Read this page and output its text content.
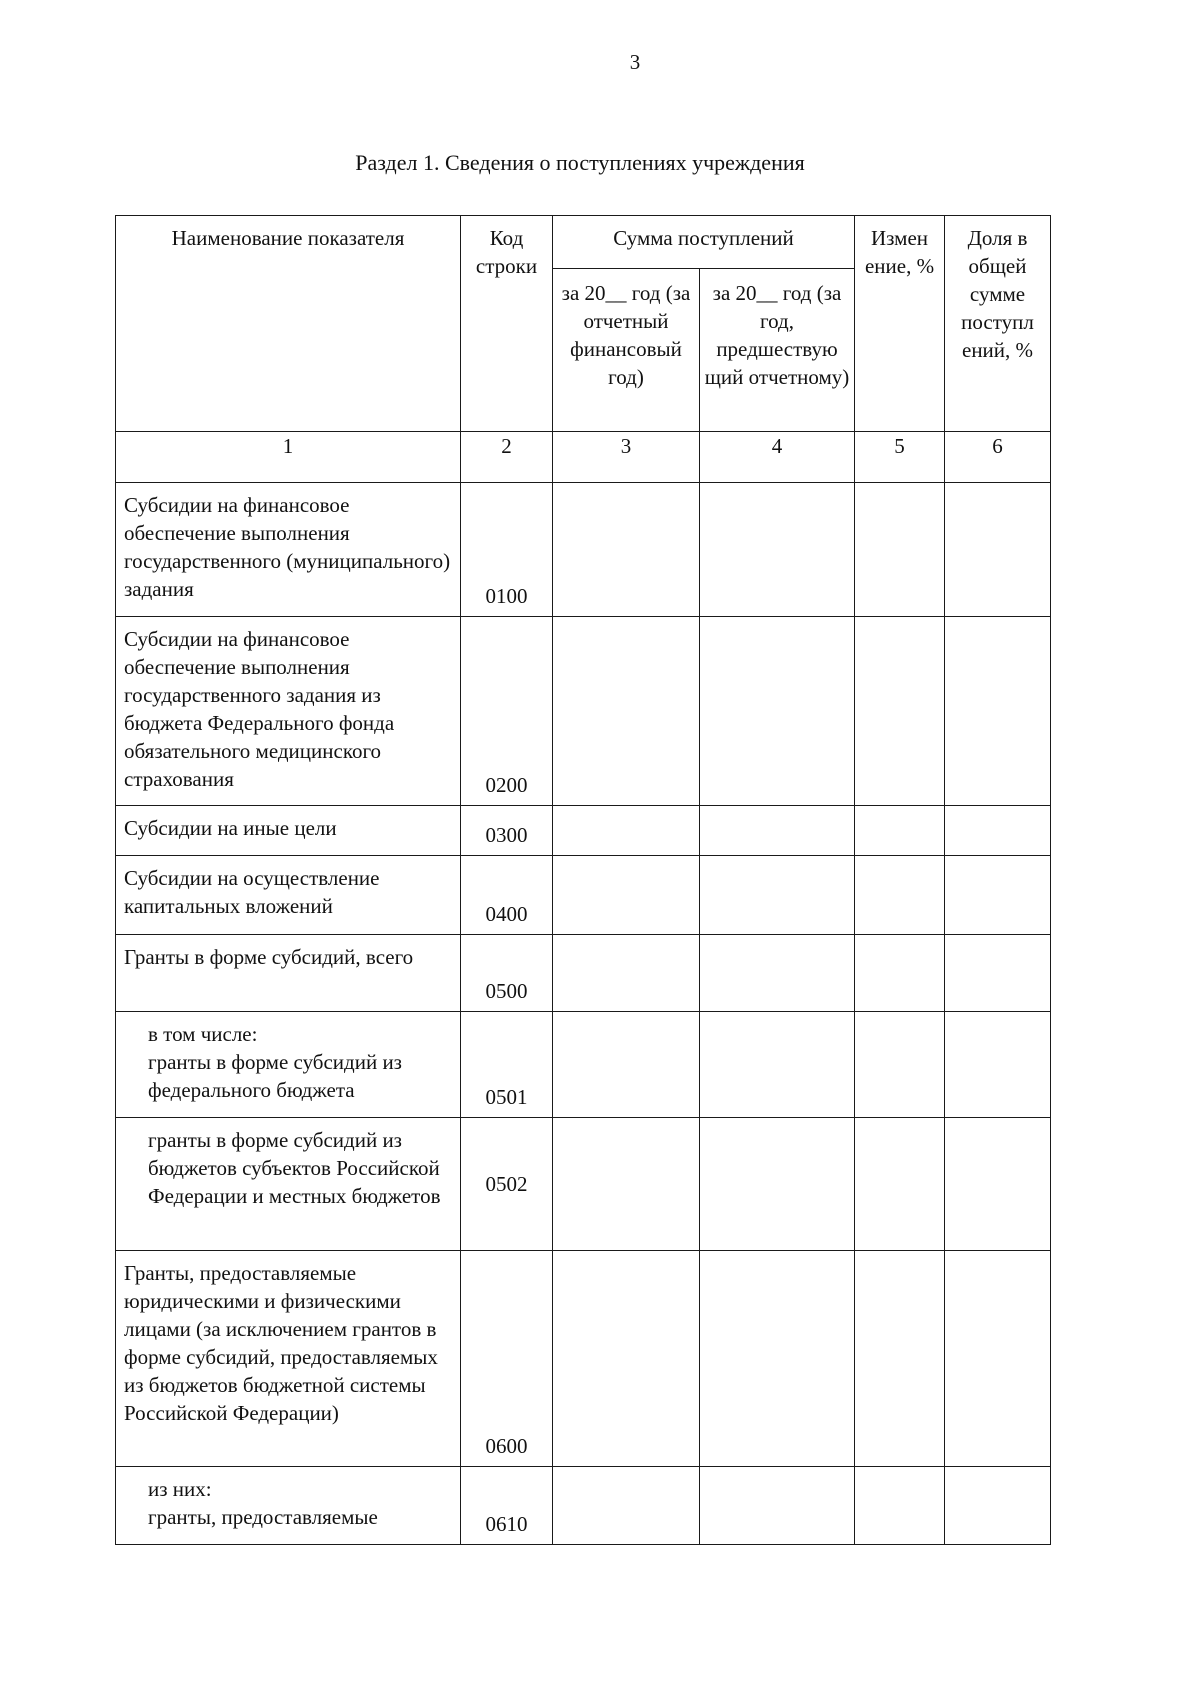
3
Раздел 1. Сведения о поступлениях учреждения
Наименование показателя	Код строки	Сумма поступлений		Измен ение, %	Доля в общей сумме поступл ений, %
		за 20__ год (за отчетный финансовый год)	за 20__ год (за год, предшествую щий отчетному)		
1	2	3	4	5	6
Субсидии на финансовое обеспечение выполнения государственного (муниципального) задания	0100				
Субсидии на финансовое обеспечение выполнения государственного задания из бюджета Федерального фонда обязательного медицинского страхования	0200				
Субсидии на иные цели	0300				
Субсидии на осуществление капитальных вложений	0400				
Гранты в форме субсидий, всего	0500				

в том числе:
гранты в форме субсидий из федерального бюджета	0501				
гранты в форме субсидий из бюджетов субъектов Российской Федерации и местных бюджетов	0502				
Гранты, предоставляемые юридическими и физическими лицами (за исключением грантов в форме субсидий, предоставляемых из бюджетов бюджетной системы Российской Федерации)	0600				

из них:
гранты, предоставляемые	0610				
